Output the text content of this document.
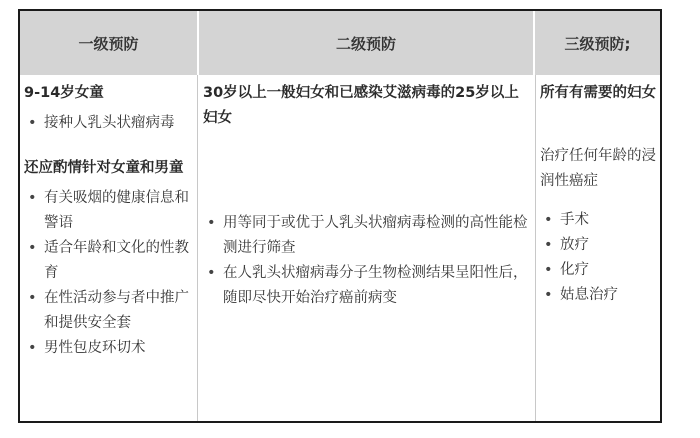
一级预防	二级预防	三级预防;

9-14岁女童

• 接种人乳头状瘤病毒

还应酌情针对女童和男童

• 有关吸烟的健康信息和警语
• 适合年龄和文化的性教育
• 在性活动参与者中推广和提供安全套
• 男性包皮环切术

30岁以上一般妇女和已感染艾滋病毒的25岁以上妇女

• 用等同于或优于人乳头状瘤病毒检测的高性能检测进行筛查
• 在人乳头状瘤病毒分子生物检测结果呈阳性后，随即尽快开始治疗癌前病变

所有有需要的妇女

治疗任何年龄的浸润性癌症

• 手术
• 放疗
• 化疗
• 姑息治疗
